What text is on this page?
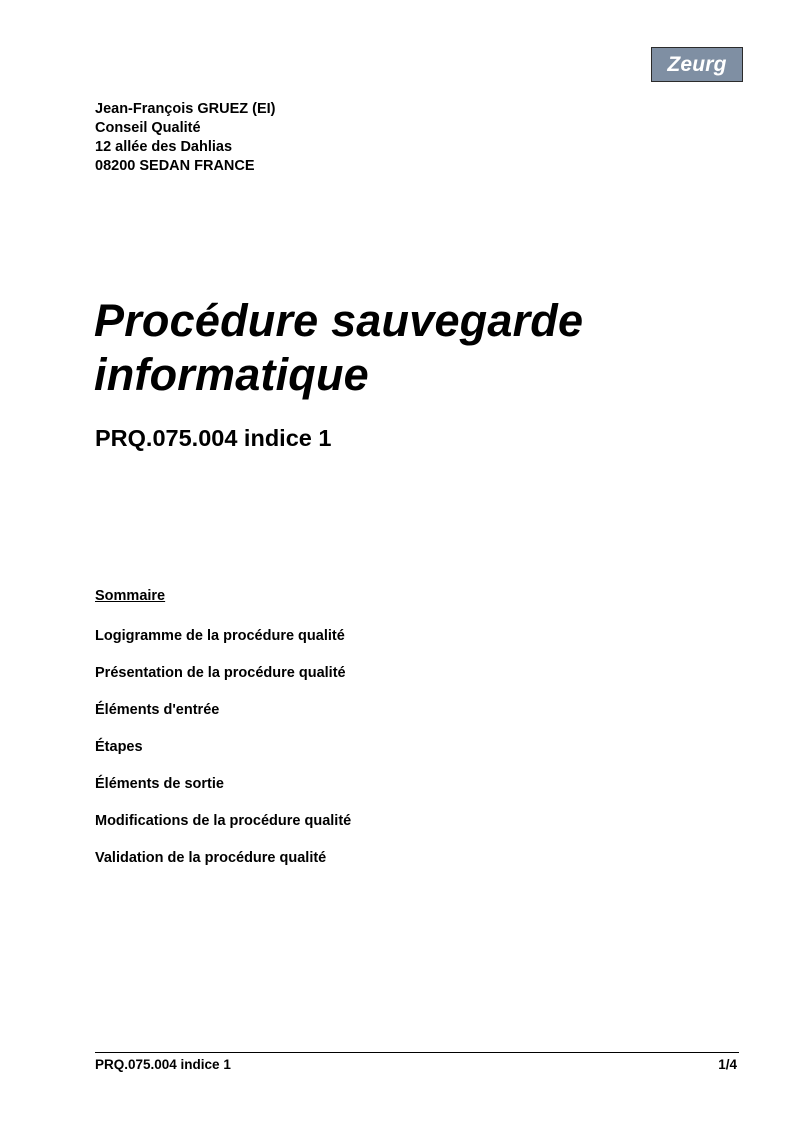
Zeurg
Jean-François GRUEZ (EI)
Conseil Qualité
12 allée des Dahlias
08200 SEDAN FRANCE
Procédure sauvegarde
informatique
PRQ.075.004 indice 1
Sommaire
Logigramme de la procédure qualité
Présentation de la procédure qualité
Éléments d'entrée
Étapes
Éléments de sortie
Modifications de la procédure qualité
Validation de la procédure qualité
PRQ.075.004 indice 1	1/4
